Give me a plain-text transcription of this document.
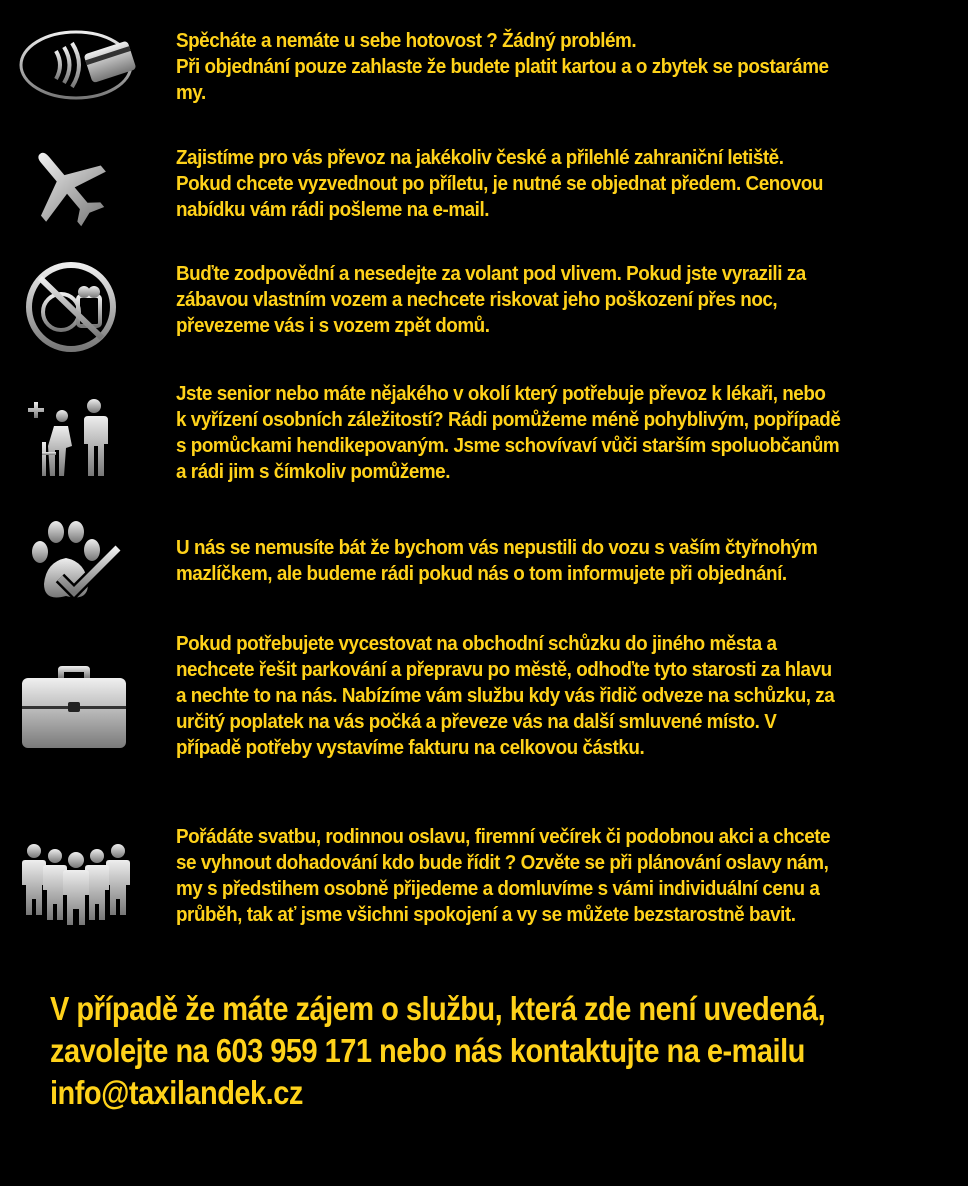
Spěcháte a nemáte u sebe hotovost ? Žádný problém.
Při objednání pouze zahlaste že budete platit kartou a o zbytek se postaráme
my.
Zajistíme pro vás převoz na jakékoliv české a přilehlé zahraniční letiště.
Pokud chcete vyzvednout po příletu, je nutné se objednat předem. Cenovou
nabídku vám rádi pošleme na e-mail.
Buďte zodpovědní a nesedejte za volant pod vlivem. Pokud jste vyrazili za
zábavou vlastním vozem a nechcete riskovat jeho poškození přes noc,
převezeme vás i s vozem zpět domů.
Jste senior nebo máte nějakého v okolí který potřebuje převoz k lékaři, nebo
k vyřízení osobních záležitostí? Rádi pomůžeme méně pohyblivým, popřípadě
s pomůckami hendikepovaným. Jsme schovívaví vůči starším spoluobčanům
a rádi jim s čímkoliv pomůžeme.
U nás se nemusíte bát že bychom vás nepustili do vozu s vaším čtyřnohým
mazlíčkem, ale budeme rádi pokud nás o tom informujete při objednání.
Pokud potřebujete vycestovat na obchodní schůzku do jiného města a
nechcete řešit parkování a přepravu po městě, odhoďte tyto starosti za hlavu
a nechte to na nás. Nabízíme vám službu kdy vás řidič odveze na schůzku, za
určitý poplatek na vás počká a převeze vás na další smluvené místo. V
případě potřeby vystavíme fakturu na celkovou částku.
Pořádáte svatbu, rodinnou oslavu, firemní večírek či podobnou akci a chcete
se vyhnout dohadování kdo bude řídit ? Ozvěte se při plánování oslavy nám,
my s předstihem osobně přijedeme a domluvíme s vámi individuální cenu a
průběh, tak ať jsme všichni spokojení a vy se můžete bezstarostně bavit.
V případě že máte zájem o službu, která zde není uvedená,
zavolejte na 603 959 171 nebo nás kontaktujte na e-mailu
info@taxilandek.cz
